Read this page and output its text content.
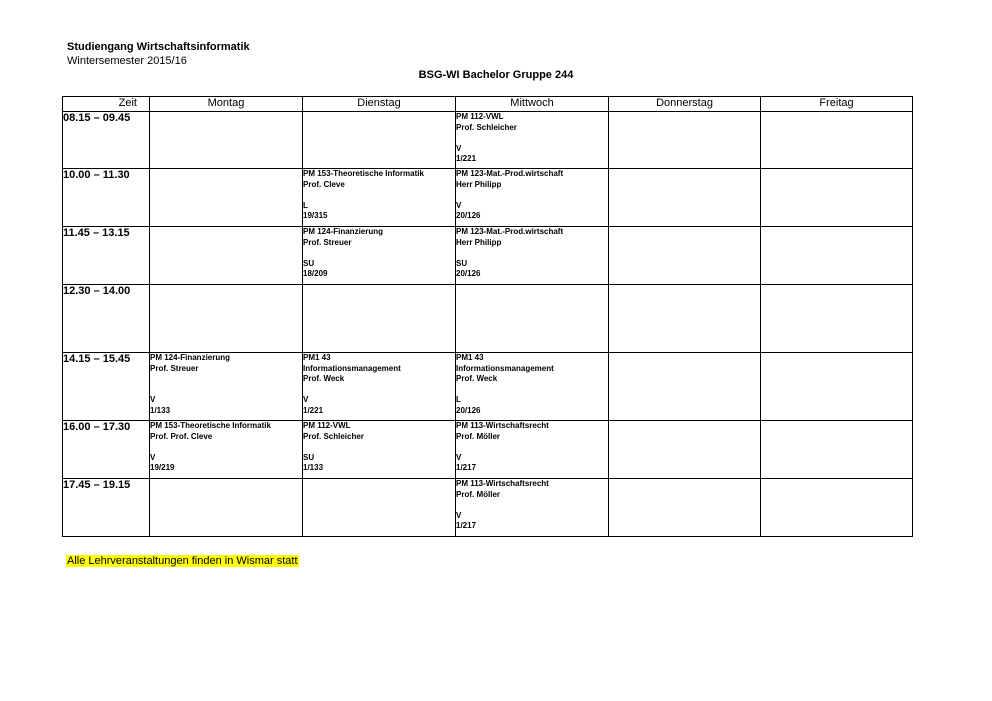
Studiengang Wirtschaftsinformatik
Wintersemester 2015/16
BSG-WI Bachelor Gruppe 244
Zeit	Montag	Dienstag	Mittwoch	Donnerstag	Freitag
08.15 – 09.45			PM 112-VWL
Prof. Schleicher
V
1/221		

10.00 – 11.30		PM 153-Theoretische Informatik
Prof. Cleve
L
19/315	PM 123-Mat.-Prod.wirtschaft
Herr Philipp
V
20/126		

11.45 – 13.15		PM 124-Finanzierung
Prof. Streuer
SU
18/209	PM 123-Mat.-Prod.wirtschaft
Herr Philipp
SU
20/126		

12.30 – 14.00					
14.15 – 15.45	PM 124-Finanzierung
Prof. Streuer
V
1/133	PM1 43
Informationsmanagement
Prof. Weck
V
1/221	PM1 43
Informationsmanagement
Prof. Weck
L
20/126		

16.00 – 17.30	PM 153-Theoretische Informatik
Prof. Prof. Cleve
V
19/219	PM 112-VWL
Prof. Schleicher
SU
1/133	PM 113-Wirtschaftsrecht
Prof. Möller
V
1/217		

17.45 – 19.15			PM 113-Wirtschaftsrecht
Prof. Möller
V
1/217		

Alle Lehrveranstaltungen finden in Wismar statt
